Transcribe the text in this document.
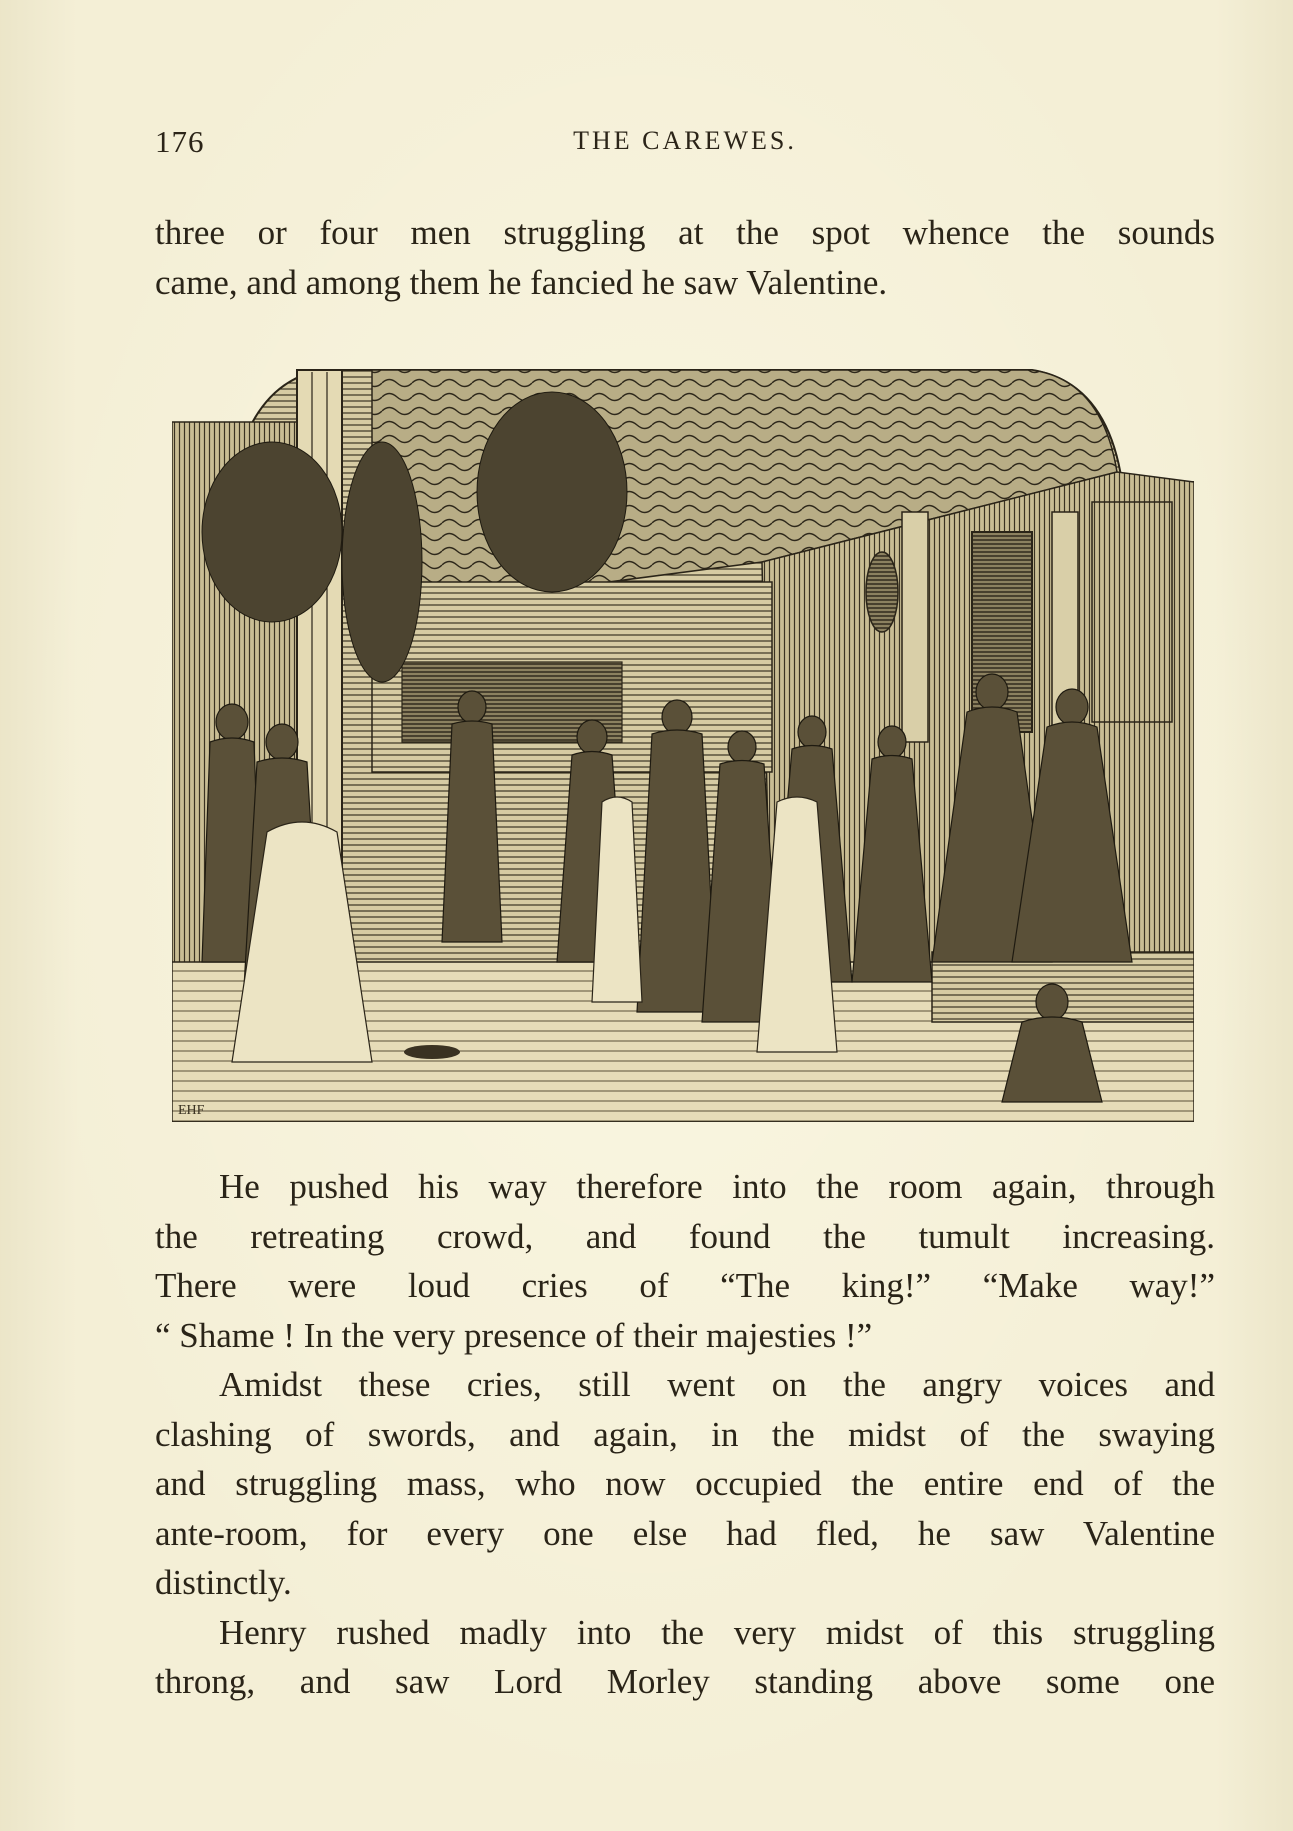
176	THE CAREWES.
three or four men struggling at the spot whence the sounds
came, and among them he fancied he saw Valentine.
EHF
He pushed his way therefore into the room again, through
the retreating crowd, and found the tumult increasing.
There were loud cries of “The king!” “Make way!”
“ Shame ! In the very presence of their majesties !”
Amidst these cries, still went on the angry voices and
clashing of swords, and again, in the midst of the swaying
and struggling mass, who now occupied the entire end of the
ante-room, for every one else had fled, he saw Valentine
distinctly.
Henry rushed madly into the very midst of this struggling
throng, and saw Lord Morley standing above some one
